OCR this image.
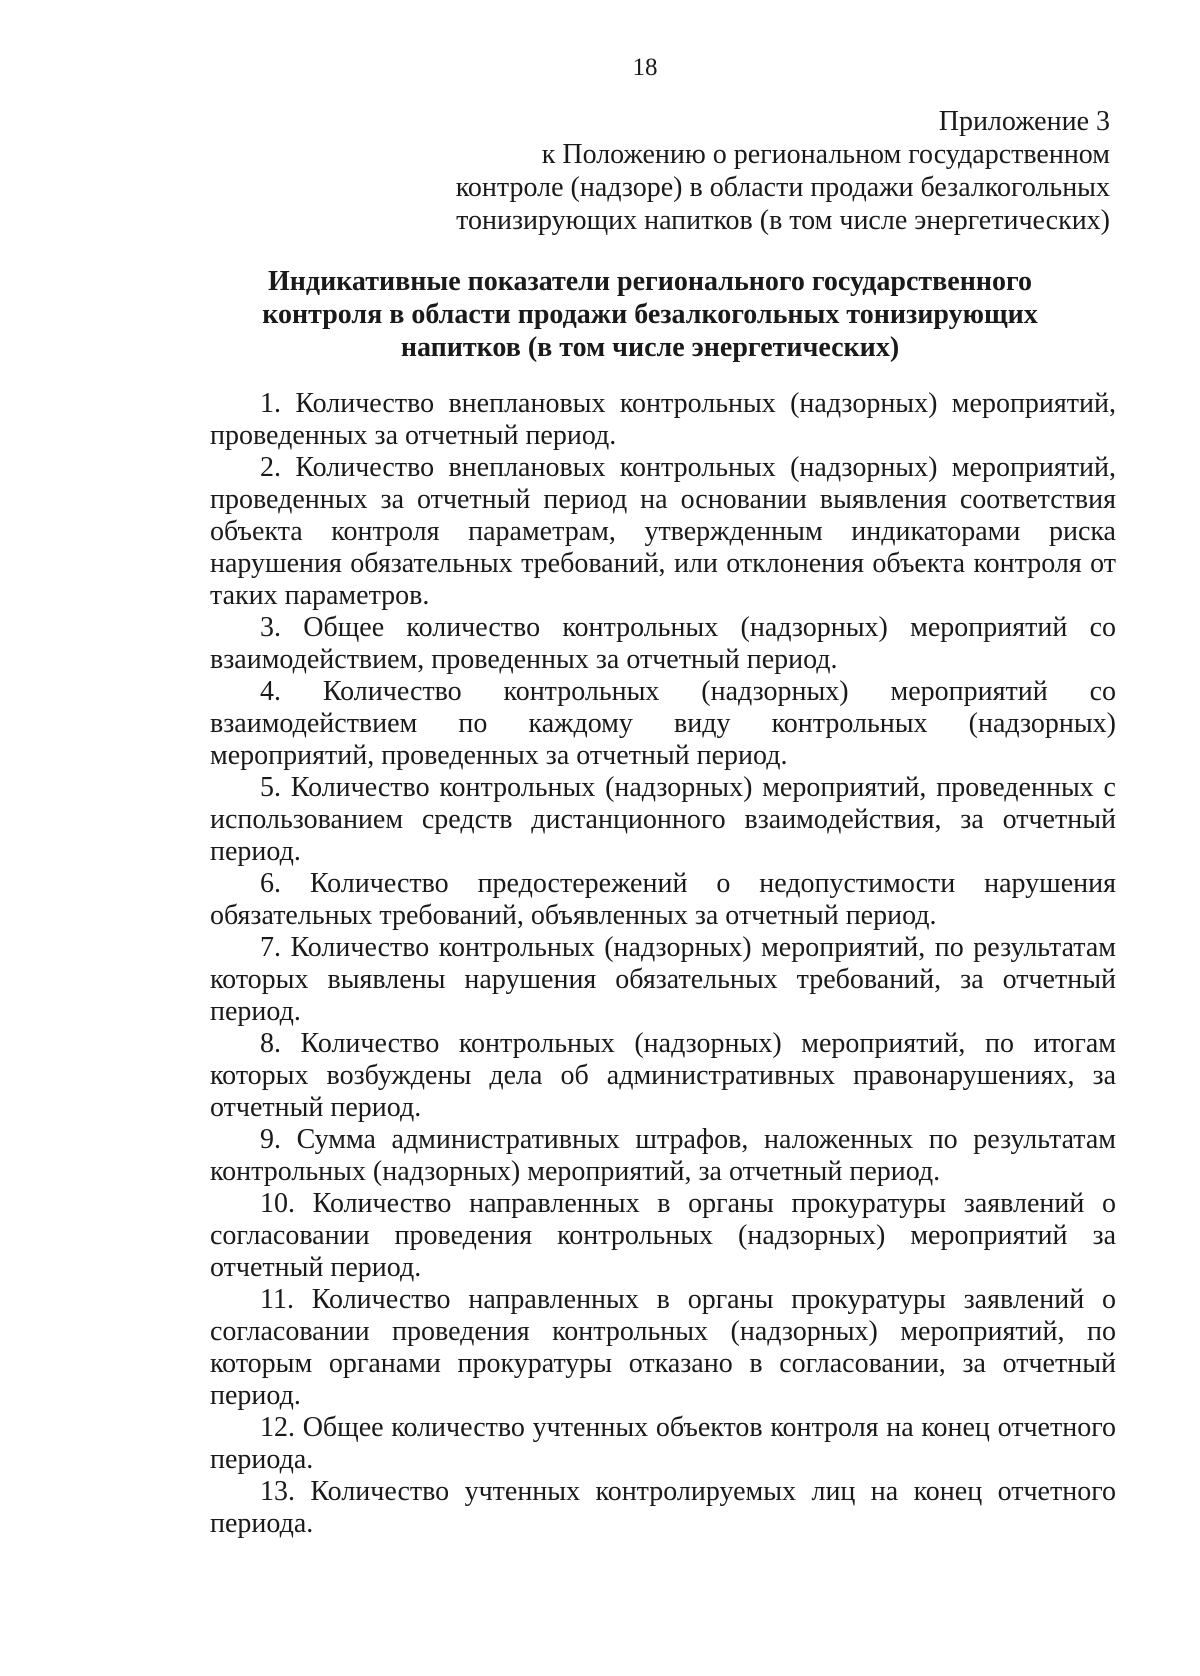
18
Приложение 3
к Положению о региональном государственном
контроле (надзоре) в области продажи безалкогольных
тонизирующих напитков (в том числе энергетических)
Индикативные показатели регионального государственного
контроля в области продажи безалкогольных тонизирующих
напитков (в том числе энергетических)

1. Количество внеплановых контрольных (надзорных) мероприятий, проведенных за отчетный период.

2. Количество внеплановых контрольных (надзорных) мероприятий, проведенных за отчетный период на основании выявления соответствия объекта контроля параметрам, утвержденным индикаторами риска нарушения обязательных требований, или отклонения объекта контроля от таких параметров.

3. Общее количество контрольных (надзорных) мероприятий со взаимодействием, проведенных за отчетный период.

4. Количество контрольных (надзорных) мероприятий со взаимодействием по каждому виду контрольных (надзорных) мероприятий, проведенных за отчетный период.

5. Количество контрольных (надзорных) мероприятий, проведенных с использованием средств дистанционного взаимодействия, за отчетный период.

6. Количество предостережений о недопустимости нарушения обязательных требований, объявленных за отчетный период.

7. Количество контрольных (надзорных) мероприятий, по результатам которых выявлены нарушения обязательных требований, за отчетный период.

8. Количество контрольных (надзорных) мероприятий, по итогам которых возбуждены дела об административных правонарушениях, за отчетный период.

9. Сумма административных штрафов, наложенных по результатам контрольных (надзорных) мероприятий, за отчетный период.

10. Количество направленных в органы прокуратуры заявлений о согласовании проведения контрольных (надзорных) мероприятий за отчетный период.

11. Количество направленных в органы прокуратуры заявлений о согласовании проведения контрольных (надзорных) мероприятий, по которым органами прокуратуры отказано в согласовании, за отчетный период.

12. Общее количество учтенных объектов контроля на конец отчетного периода.

13. Количество учтенных контролируемых лиц на конец отчетного периода.
